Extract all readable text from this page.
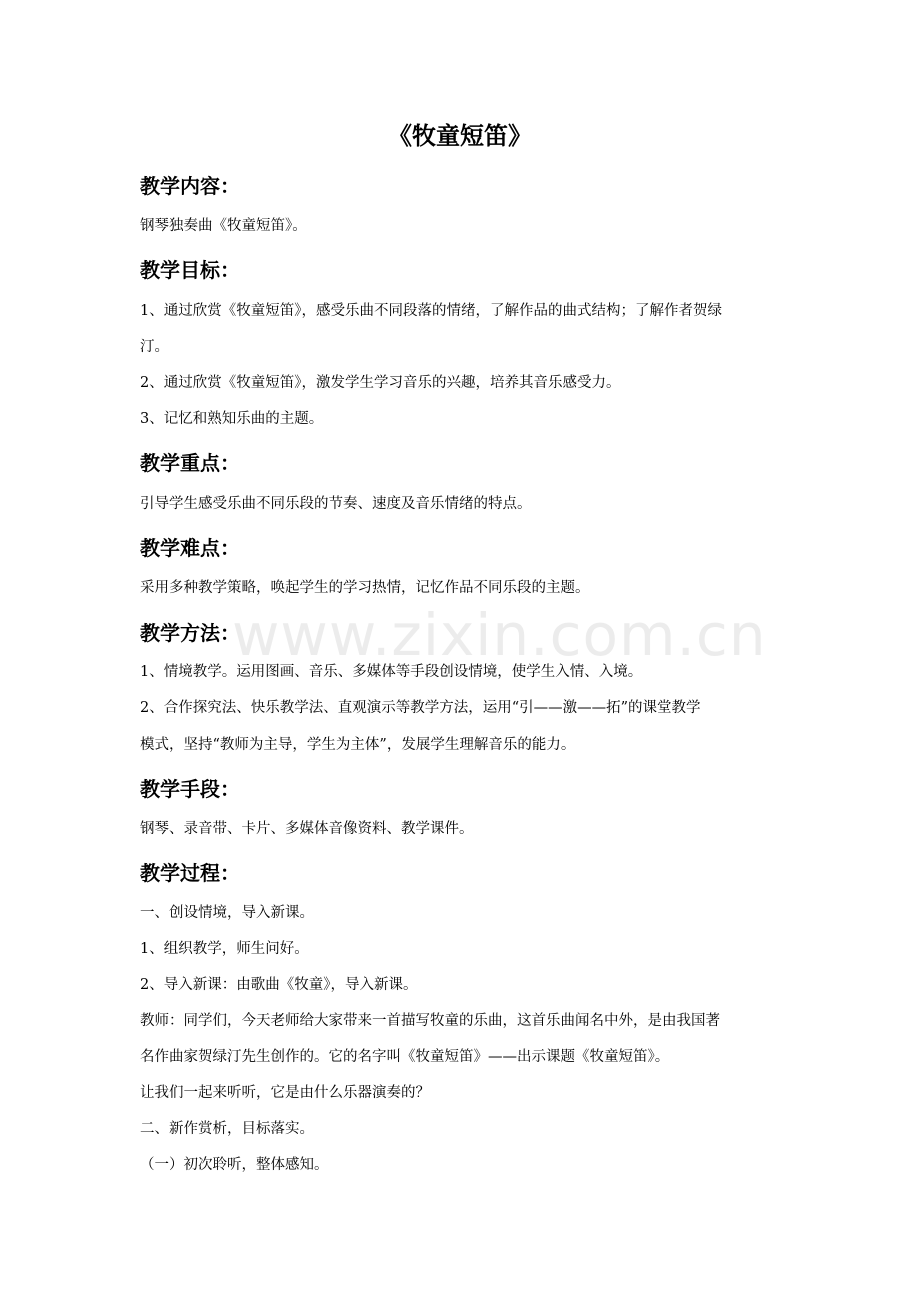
《牧童短笛》
教学内容：
钢琴独奏曲《牧童短笛》。
教学目标：
1、通过欣赏《牧童短笛》，感受乐曲不同段落的情绪，了解作品的曲式结构；了解作者贺绿
汀。
2、通过欣赏《牧童短笛》，激发学生学习音乐的兴趣，培养其音乐感受力。
3、记忆和熟知乐曲的主题。
教学重点：
引导学生感受乐曲不同乐段的节奏、速度及音乐情绪的特点。
教学难点：
采用多种教学策略，唤起学生的学习热情，记忆作品不同乐段的主题。
教学方法：
1、情境教学。运用图画、音乐、多媒体等手段创设情境，使学生入情、入境。
2、合作探究法、快乐教学法、直观演示等教学方法，运用“引——激——拓”的课堂教学
模式，坚持“教师为主导，学生为主体”，发展学生理解音乐的能力。
教学手段：
钢琴、录音带、卡片、多媒体音像资料、教学课件。
教学过程：
一、创设情境，导入新课。
1、组织教学，师生问好。
2、导入新课：由歌曲《牧童》，导入新课。
教师：同学们，今天老师给大家带来一首描写牧童的乐曲，这首乐曲闻名中外，是由我国著
名作曲家贺绿汀先生创作的。它的名字叫《牧童短笛》——出示课题《牧童短笛》。
让我们一起来听听，它是由什么乐器演奏的？
二、新作赏析，目标落实。
（一）初次聆听，整体感知。
www.zixin.com.cn
